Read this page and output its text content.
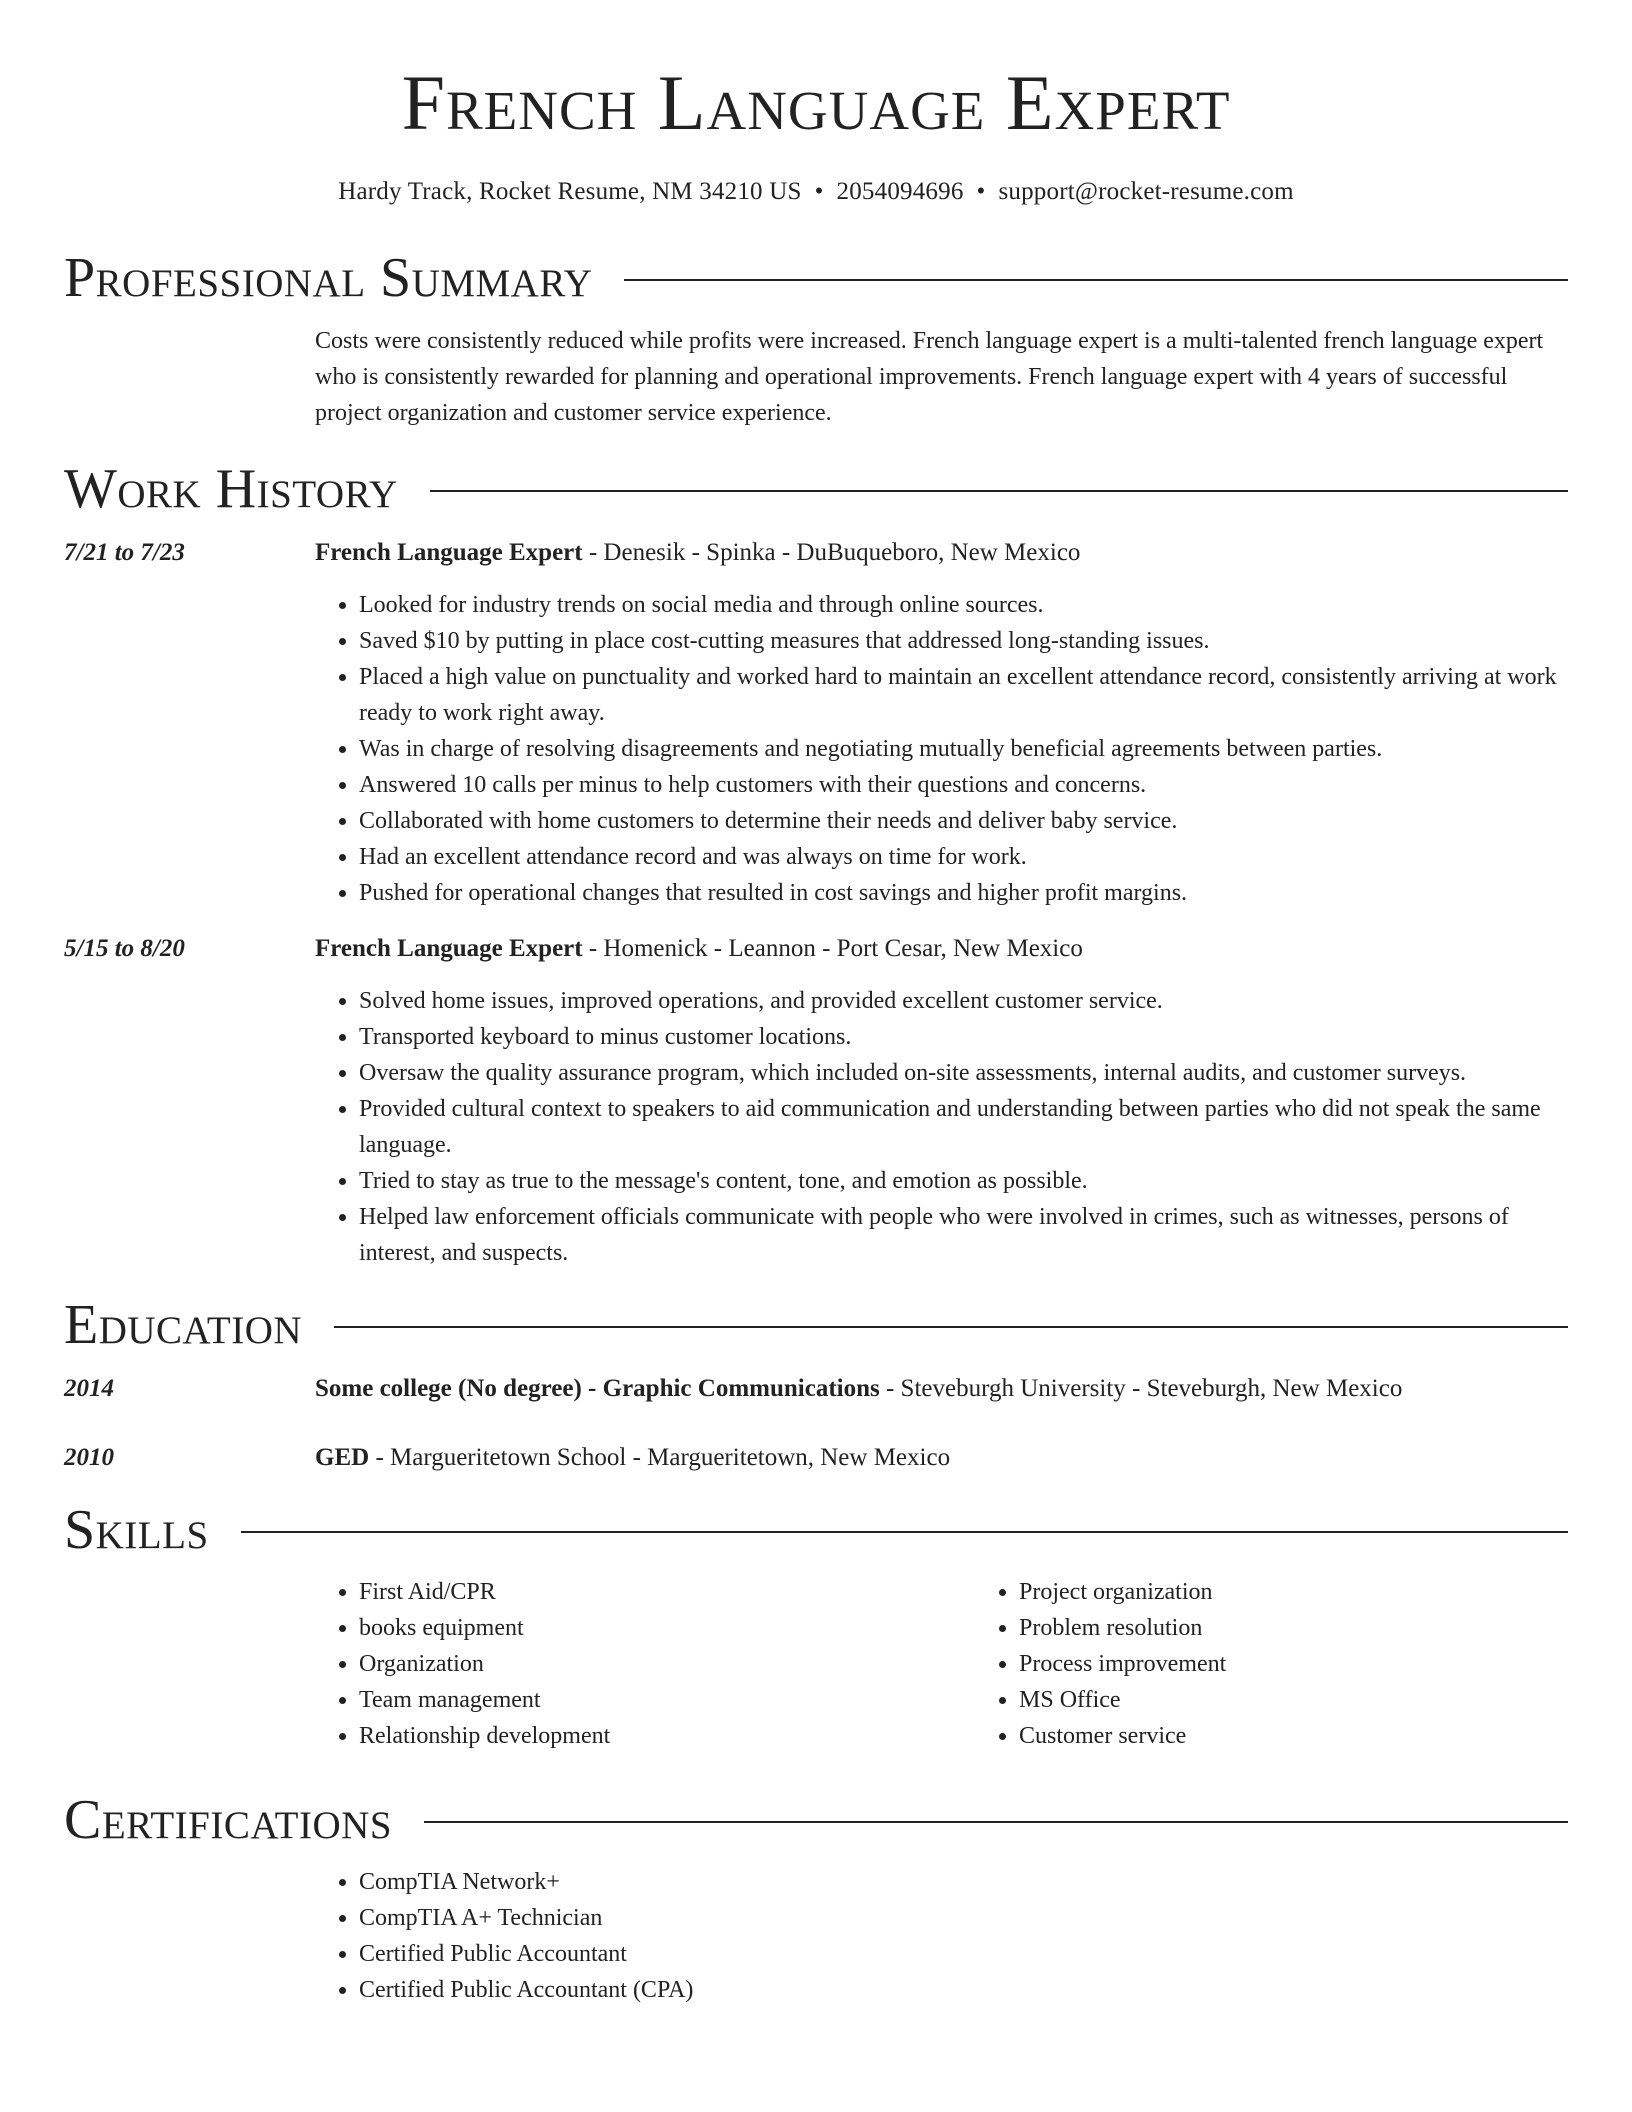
French Language Expert
Hardy Track, Rocket Resume, NM 34210 US • 2054094696 • support@rocket-resume.com
Professional Summary
Costs were consistently reduced while profits were increased. French language expert is a multi-talented french language expert who is consistently rewarded for planning and operational improvements. French language expert with 4 years of successful project organization and customer service experience.
Work History
7/21 to 7/23	French Language Expert - Denesik - Spinka - DuBuqueboro, New Mexico
• Looked for industry trends on social media and through online sources.
• Saved $10 by putting in place cost-cutting measures that addressed long-standing issues.
• Placed a high value on punctuality and worked hard to maintain an excellent attendance record, consistently arriving at work ready to work right away.
• Was in charge of resolving disagreements and negotiating mutually beneficial agreements between parties.
• Answered 10 calls per minus to help customers with their questions and concerns.
• Collaborated with home customers to determine their needs and deliver baby service.
• Had an excellent attendance record and was always on time for work.
• Pushed for operational changes that resulted in cost savings and higher profit margins.
5/15 to 8/20	French Language Expert - Homenick - Leannon - Port Cesar, New Mexico
• Solved home issues, improved operations, and provided excellent customer service.
• Transported keyboard to minus customer locations.
• Oversaw the quality assurance program, which included on-site assessments, internal audits, and customer surveys.
• Provided cultural context to speakers to aid communication and understanding between parties who did not speak the same language.
• Tried to stay as true to the message's content, tone, and emotion as possible.
• Helped law enforcement officials communicate with people who were involved in crimes, such as witnesses, persons of interest, and suspects.
Education
2014	Some college (No degree) - Graphic Communications - Steveburgh University - Steveburgh, New Mexico
2010	GED - Margueritetown School - Margueritetown, New Mexico
Skills
• First Aid/CPR
• books equipment
• Organization
• Team management
• Relationship development
• Project organization
• Problem resolution
• Process improvement
• MS Office
• Customer service
Certifications
• CompTIA Network+
• CompTIA A+ Technician
• Certified Public Accountant
• Certified Public Accountant (CPA)
